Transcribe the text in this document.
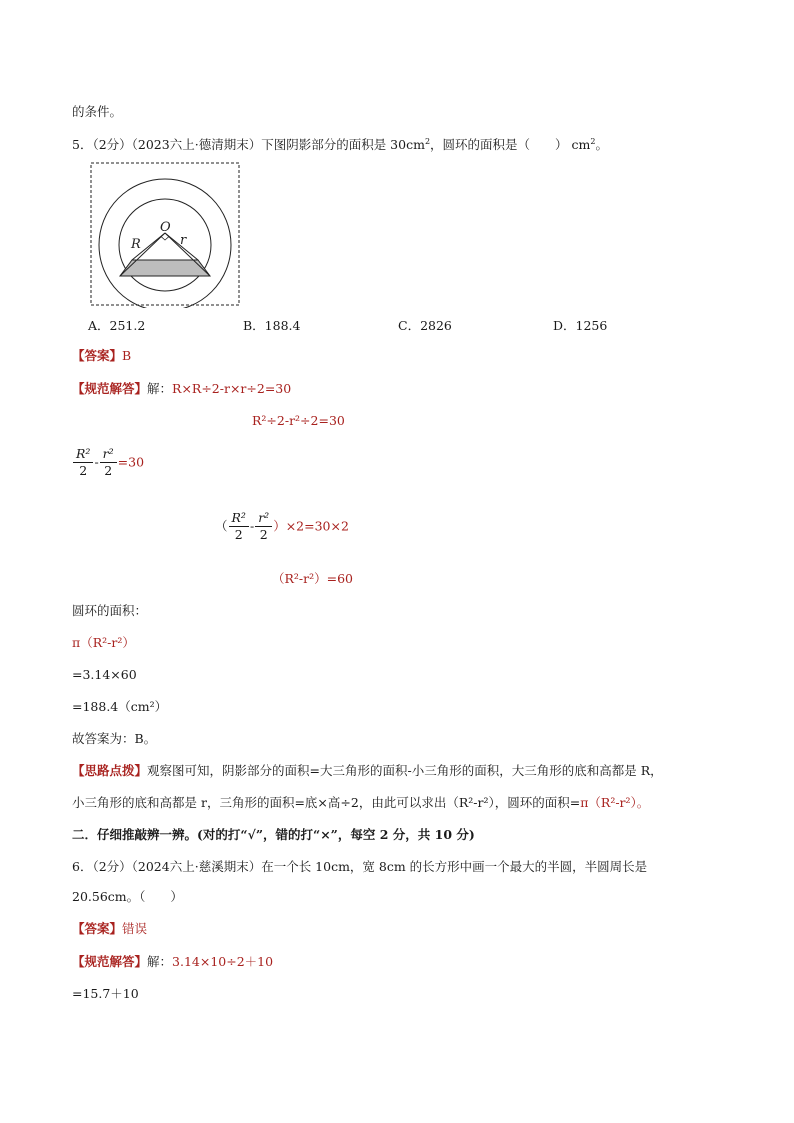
的条件。
5．（2分）（2023六上·德清期末）下图阴影部分的面积是 $30cm^2$，圆环的面积是（　　） $cm^2$。
O
R	r
A．251.2	B．188.4	C．2826	D．1256
【答案】B
【规范解答】解：R×R÷2-r×r÷2=30
R²÷2-r²÷2=30
$\frac{\text{R²}}{2} - \frac{\text{r²}}{2} =30$
（ $\frac{\text{R²}}{2} - \frac{\text{r²}}{2} )\times 2=30\times 2$
（R²-r²）=60
圆环的面积：
π（R²-r²）
=3.14×60
=188.4（cm²）
故答案为：B。
【思路点拨】观察图可知，阴影部分的面积=大三角形的面积-小三角形的面积，大三角形的底和高都是 R，
小三角形的底和高都是 r，三角形的面积=底×高÷2，由此可以求出（R²-r²），圆环的面积=π（R²-r²）。
二．仔细推敲辨一辨。(对的打“√”，错的打“×”，每空 2 分，共 10 分)
6．（2分）（2024六上·慈溪期末）在一个长 10cm，宽 8cm 的长方形中画一个最大的半圆，半圆周长是
20.56cm。（　　）
【答案】错误
【规范解答】解：3.14×10÷2＋10
=15.7＋10
